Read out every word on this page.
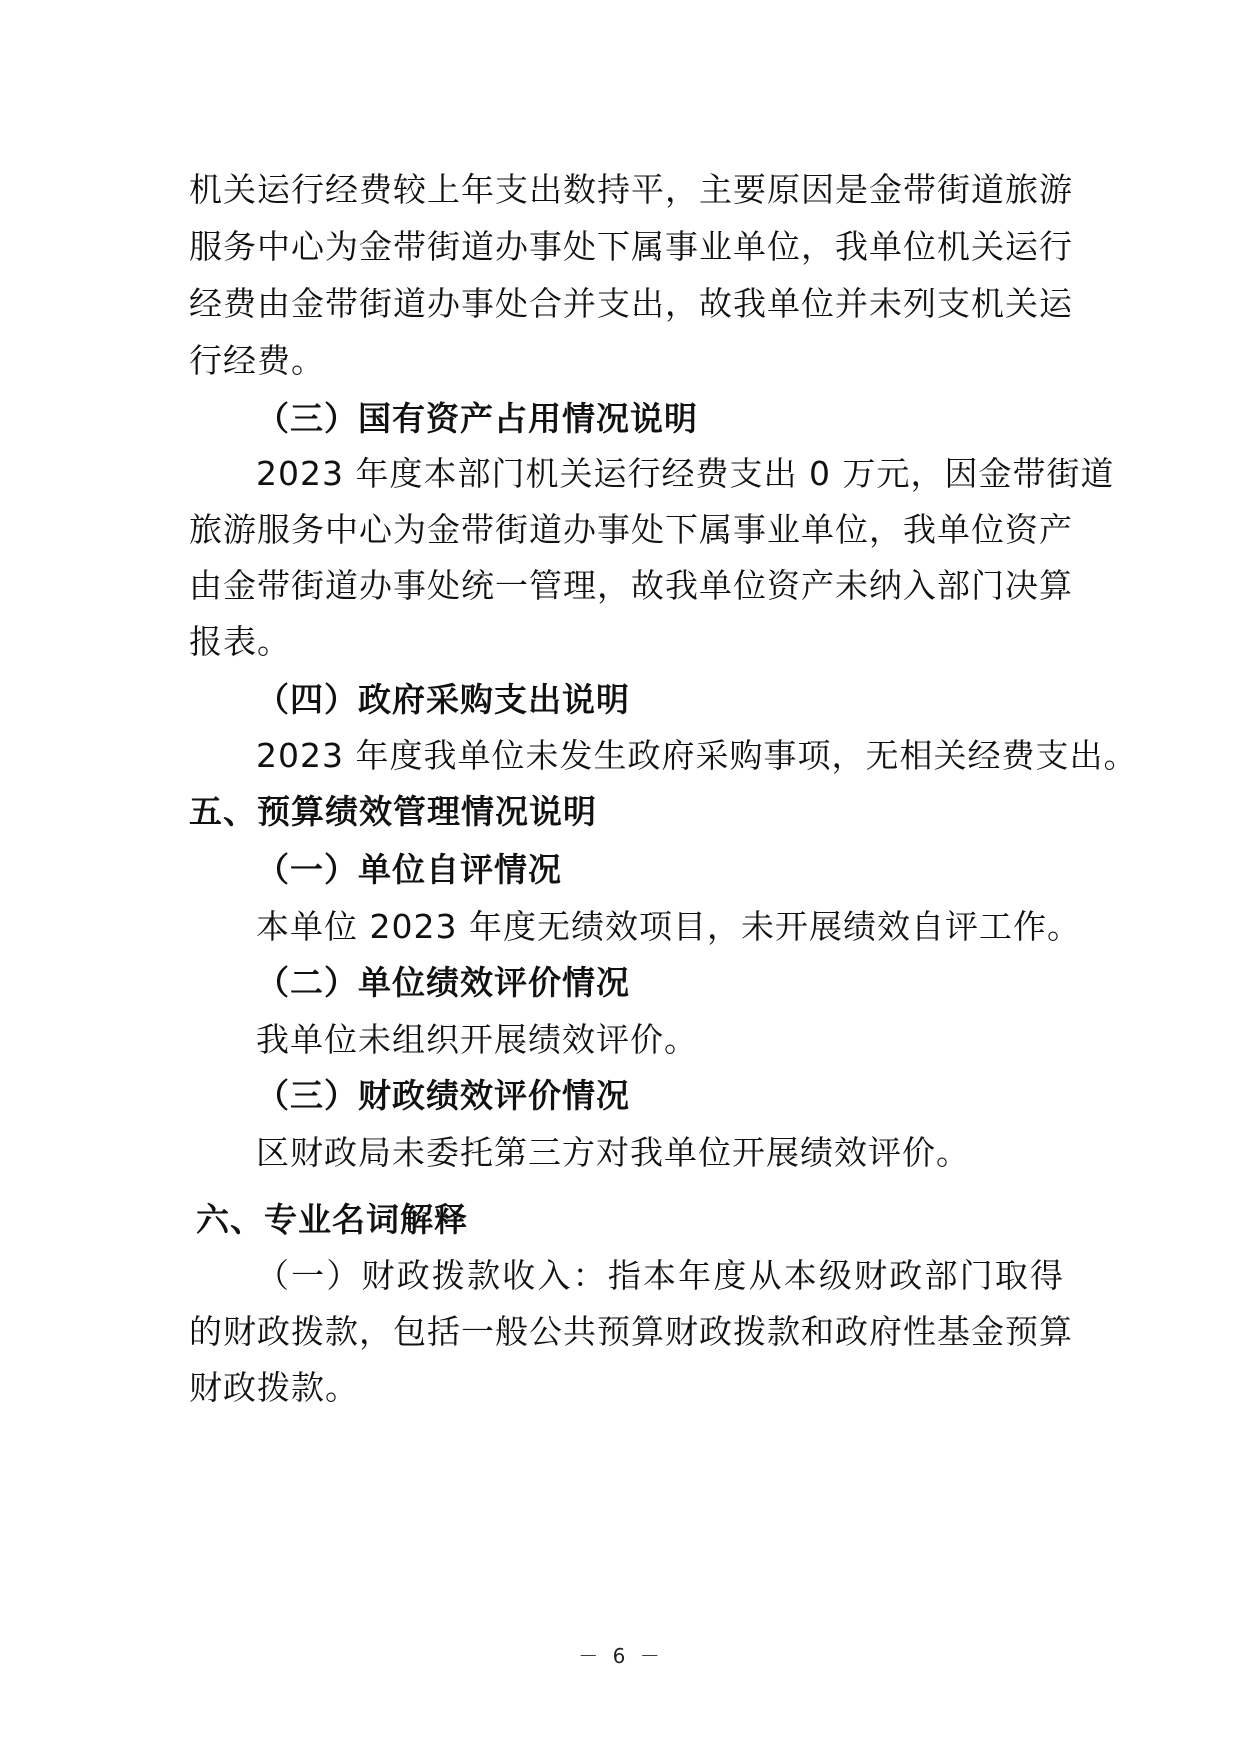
机关运行经费较上年支出数持平，主要原因是金带街道旅游
服务中心为金带街道办事处下属事业单位，我单位机关运行
经费由金带街道办事处合并支出，故我单位并未列支机关运
行经费。
（三）国有资产占用情况说明
2023 年度本部门机关运行经费支出 0 万元，因金带街道
旅游服务中心为金带街道办事处下属事业单位，我单位资产
由金带街道办事处统一管理，故我单位资产未纳入部门决算
报表。
（四）政府采购支出说明
2023 年度我单位未发生政府采购事项，无相关经费支出。
五、预算绩效管理情况说明
（一）单位自评情况
本单位 2023 年度无绩效项目，未开展绩效自评工作。
（二）单位绩效评价情况
我单位未组织开展绩效评价。
（三）财政绩效评价情况
区财政局未委托第三方对我单位开展绩效评价。
六、专业名词解释
（一）财政拨款收入：指本年度从本级财政部门取得
的财政拨款，包括一般公共预算财政拨款和政府性基金预算
财政拨款。
－ 6 －
